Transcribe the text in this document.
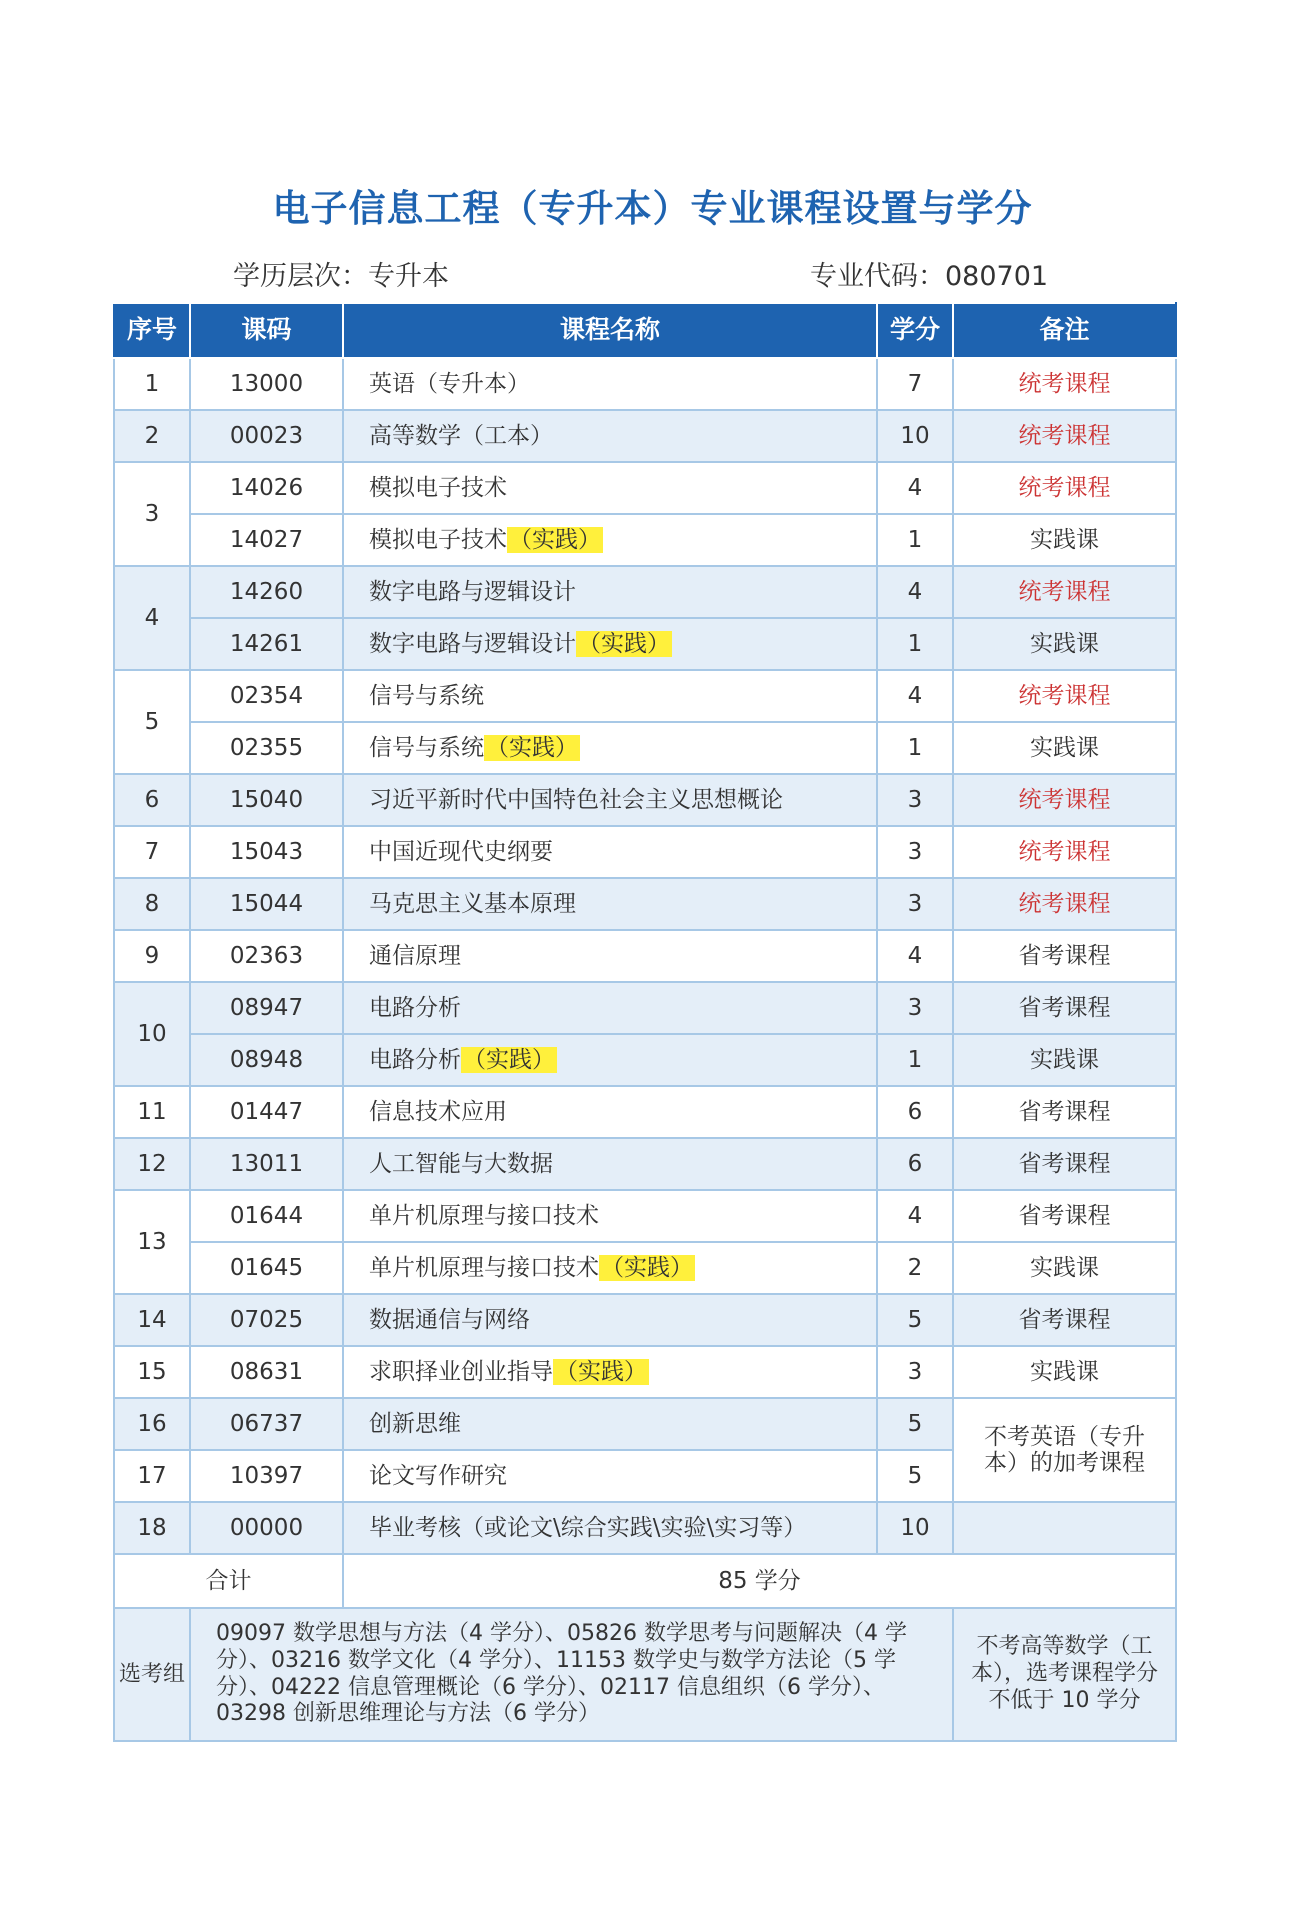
电子信息工程（专升本）专业课程设置与学分
学历层次：专升本	专业代码：080701
序号	课码	课程名称	学分	备注
1	13000	英语（专升本）	7	统考课程
2	00023	高等数学（工本）	10	统考课程
3	14026	模拟电子技术	4	统考课程
	14027	模拟电子技术（实践）	1	实践课
4	14260	数字电路与逻辑设计	4	统考课程
	14261	数字电路与逻辑设计（实践）	1	实践课
5	02354	信号与系统	4	统考课程
	02355	信号与系统（实践）	1	实践课
6	15040	习近平新时代中国特色社会主义思想概论	3	统考课程
7	15043	中国近现代史纲要	3	统考课程
8	15044	马克思主义基本原理	3	统考课程
9	02363	通信原理	4	省考课程
10	08947	电路分析	3	省考课程
	08948	电路分析（实践）	1	实践课
11	01447	信息技术应用	6	省考课程
12	13011	人工智能与大数据	6	省考课程
13	01644	单片机原理与接口技术	4	省考课程
	01645	单片机原理与接口技术（实践）	2	实践课
14	07025	数据通信与网络	5	省考课程
15	08631	求职择业创业指导（实践）	3	实践课
16	06737	创新思维	5	不考英语（专升本）的加考课程
17	10397	论文写作研究	5	
18	00000	毕业考核（或论文\综合实践\实验\实习等）	10	
合计		85 学分		
选考组	09097 数学思想与方法（4 学分）、05826 数学思考与问题解决（4 学分）、03216 数学文化（4 学分）、11153 数学史与数学方法论（5 学分）、04222 信息管理概论（6 学分）、02117 信息组织（6 学分）、03298 创新思维理论与方法（6 学分）			不考高等数学（工本），选考课程学分不低于 10 学分
